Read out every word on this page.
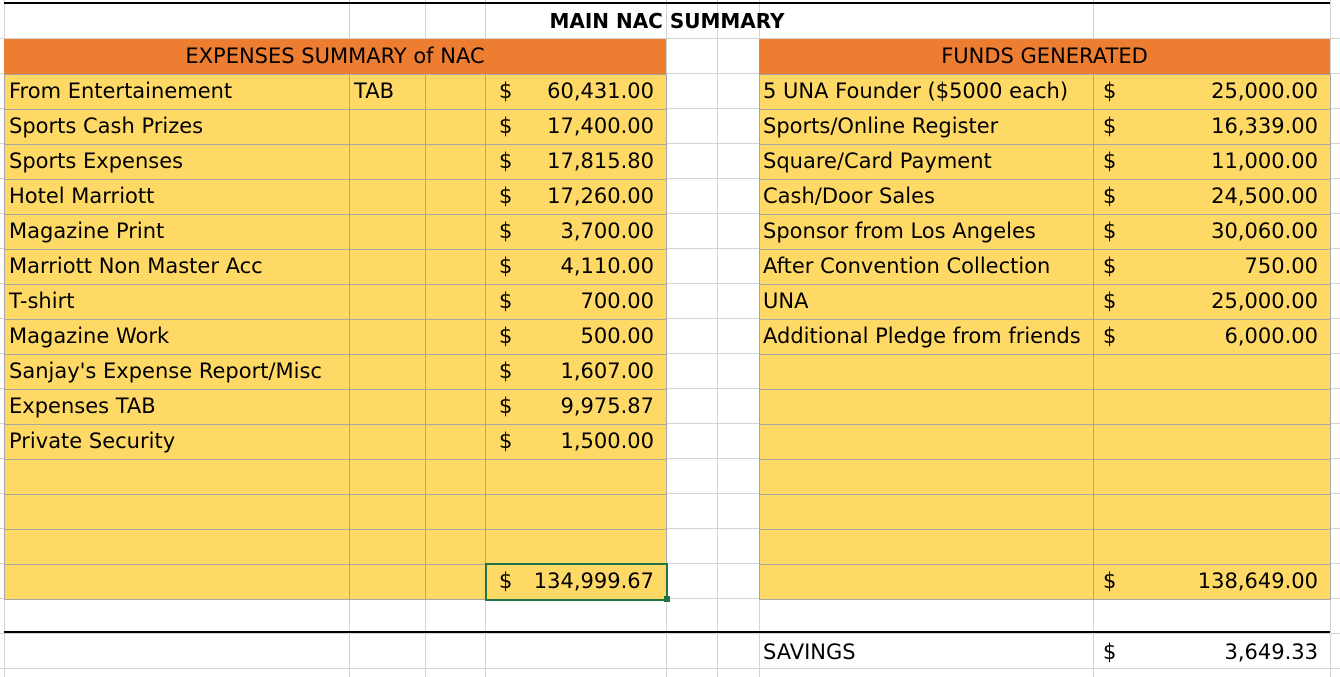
MAIN NAC SUMMARY
EXPENSES SUMMARY of NAC	FUNDS GENERATED
From Entertainement	TAB	$	60,431.00
Sports Cash Prizes	$	17,400.00
Sports Expenses	$	17,815.80
Hotel Marriott	$	17,260.00
Magazine Print	$	3,700.00
Marriott Non Master Acc	$	4,110.00
T-shirt	$	700.00
Magazine Work	$	500.00
Sanjay's Expense Report/Misc	$	1,607.00
Expenses TAB	$	9,975.87
Private Security	$	1,500.00
$	134,999.67
5 UNA Founder ($5000 each)	$	25,000.00
Sports/Online Register	$	16,339.00
Square/Card Payment	$	11,000.00
Cash/Door Sales	$	24,500.00
Sponsor from Los Angeles	$	30,060.00
After Convention Collection	$	750.00
UNA	$	25,000.00
Additional Pledge from friends	$	6,000.00
$	138,649.00
SAVINGS	$	3,649.33
